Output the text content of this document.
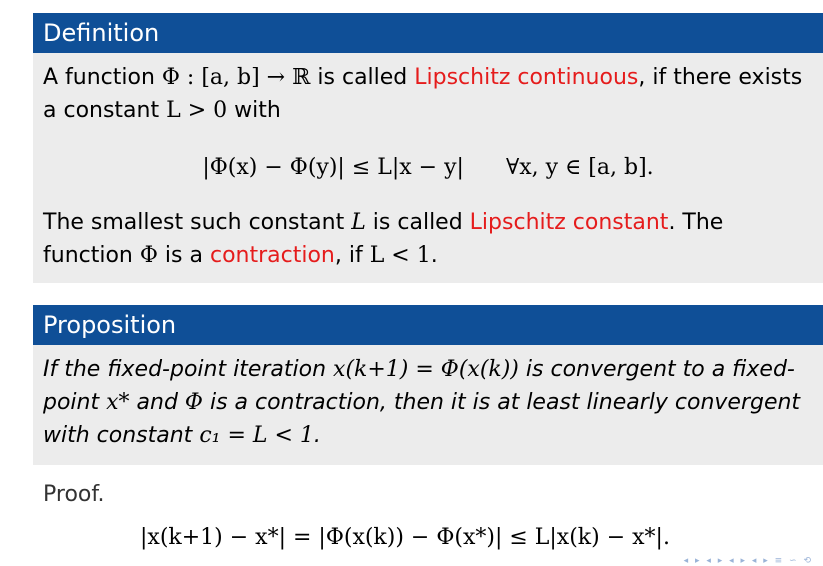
Definition
A function Φ : [a, b] → ℝ is called Lipschitz continuous, if there exists a constant L > 0 with
|Φ(x) − Φ(y)| ≤ L|x − y| ∀x, y ∈ [a, b].
The smallest such constant L is called Lipschitz constant. The function Φ is a contraction, if L < 1.
Proposition
If the fixed-point iteration x(k+1) = Φ(x(k)) is convergent to a fixed-point x* and Φ is a contraction, then it is at least linearly convergent with constant c₁ = L < 1.
Proof.
|x(k+1) − x*| = |Φ(x(k)) − Φ(x*)| ≤ L|x(k) − x*|.
◂ ▸ ◂ ▸ ◂ ▸ ◂ ▸ ≡ ∽ ⟲
